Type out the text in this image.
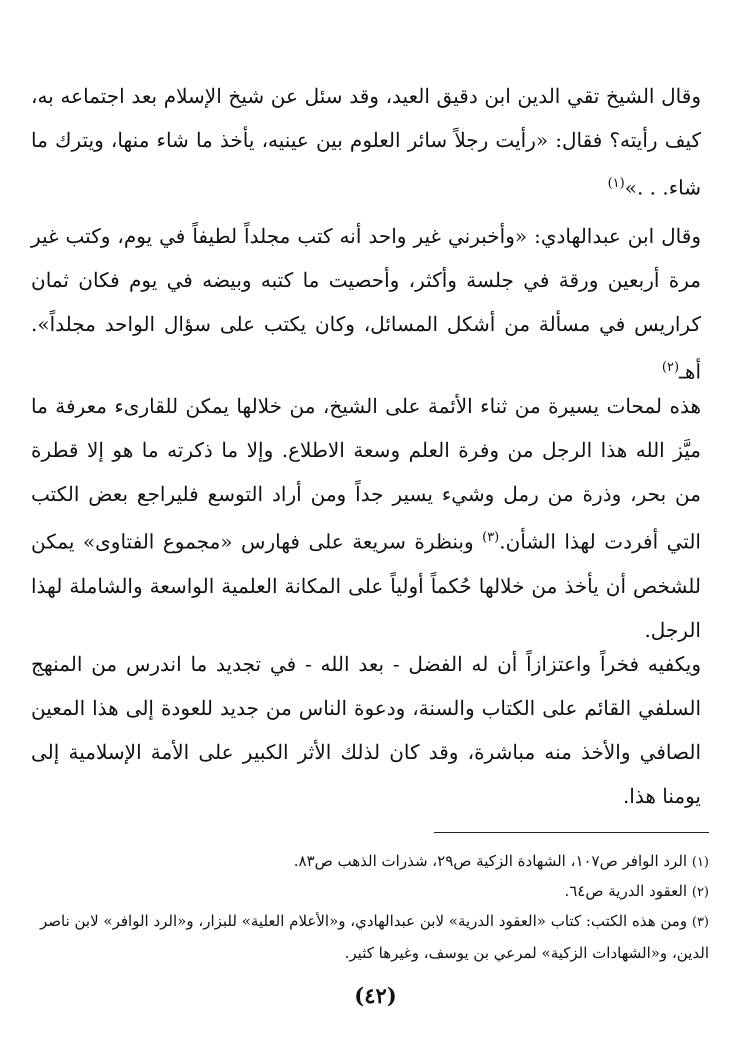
وقال الشيخ تقي الدين ابن دقيق العيد، وقد سئل عن شيخ الإسلام بعد اجتماعه به، كيف رأيته؟ فقال: «رأيت رجلاً سائر العلوم بين عينيه، يأخذ ما شاء منها، ويترك ما شاء. . .»$^{(١)}$

وقال ابن عبدالهادي: «وأخبرني غير واحد أنه كتب مجلداً لطيفاً في يوم، وكتب غير مرة أربعين ورقة في جلسة وأكثر، وأحصيت ما كتبه وبيضه في يوم فكان ثمان كراريس في مسألة من أشكل المسائل، وكان يكتب على سؤال الواحد مجلداً». أهـ$^{(٢)}$

هذه لمحات يسيرة من ثناء الأئمة على الشيخ، من خلالها يمكن للقارىء معرفة ما ميَّز الله هذا الرجل من وفرة العلم وسعة الاطلاع. وإلا ما ذكرته ما هو إلا قطرة من بحر، وذرة من رمل وشيء يسير جداً ومن أراد التوسع فليراجع بعض الكتب التي أفردت لهذا الشأن.$^{(٣)}$ وبنظرة سريعة على فهارس «مجموع الفتاوى» يمكن للشخص أن يأخذ من خلالها حُكماً أولياً على المكانة العلمية الواسعة والشاملة لهذا الرجل.

ويكفيه فخراً واعتزازاً أن له الفضل - بعد الله - في تجديد ما اندرس من المنهج السلفي القائم على الكتاب والسنة، ودعوة الناس من جديد للعودة إلى هذا المعين الصافي والأخذ منه مباشرة، وقد كان لذلك الأثر الكبير على الأمة الإسلامية إلى يومنا هذا.

(١) الرد الوافر ص١٠٧، الشهادة الزكية ص٢٩، شذرات الذهب ص٨٣.

(٢) العقود الدرية ص٦٤.

(٣) ومن هذه الكتب: كتاب «العقود الدرية» لابن عبدالهادي، و«الأعلام العلية» للبزار، و«الرد الوافر» لابن ناصر الدين، و«الشهادات الزكية» لمرعي بن يوسف، وغيرها كثير.

(٤٢)
